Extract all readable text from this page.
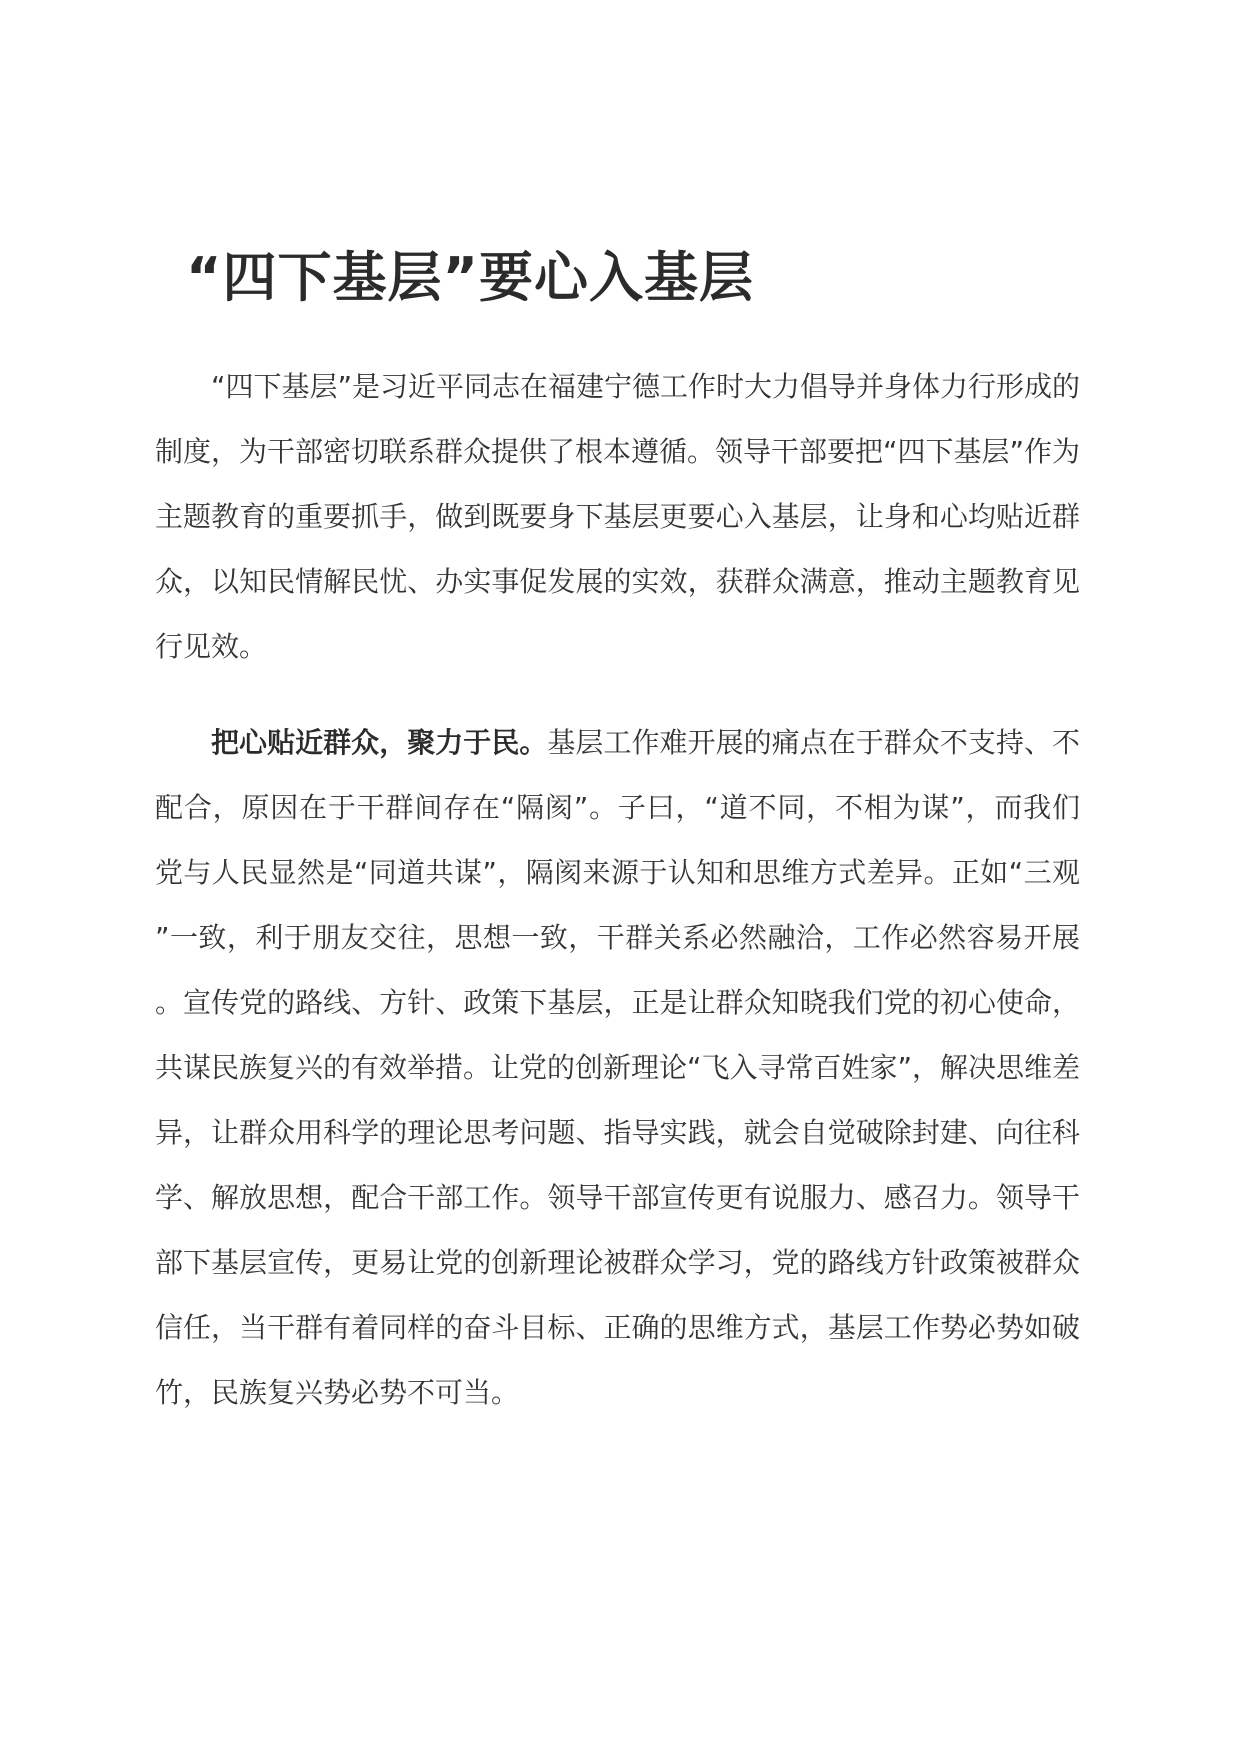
“四下基层”要心入基层

“四下基层”是习近平同志在福建宁德工作时大力倡导并身体力行形成的制度，为干部密切联系群众提供了根本遵循。领导干部要把“四下基层”作为主题教育的重要抓手，做到既要身下基层更要心入基层，让身和心均贴近群众，以知民情解民忧、办实事促发展的实效，获群众满意，推动主题教育见行见效。

把心贴近群众，聚力于民。基层工作难开展的痛点在于群众不支持、不配合，原因在于干群间存在“隔阂”。子曰，“道不同，不相为谋”，而我们党与人民显然是“同道共谋”，隔阂来源于认知和思维方式差异。正如“三观”一致，利于朋友交往，思想一致，干群关系必然融洽，工作必然容易开展。宣传党的路线、方针、政策下基层，正是让群众知晓我们党的初心使命，共谋民族复兴的有效举措。让党的创新理论“飞入寻常百姓家”，解决思维差异，让群众用科学的理论思考问题、指导实践，就会自觉破除封建、向往科学、解放思想，配合干部工作。领导干部宣传更有说服力、感召力。领导干部下基层宣传，更易让党的创新理论被群众学习，党的路线方针政策被群众信任，当干群有着同样的奋斗目标、正确的思维方式，基层工作势必势如破竹，民族复兴势必势不可当。
